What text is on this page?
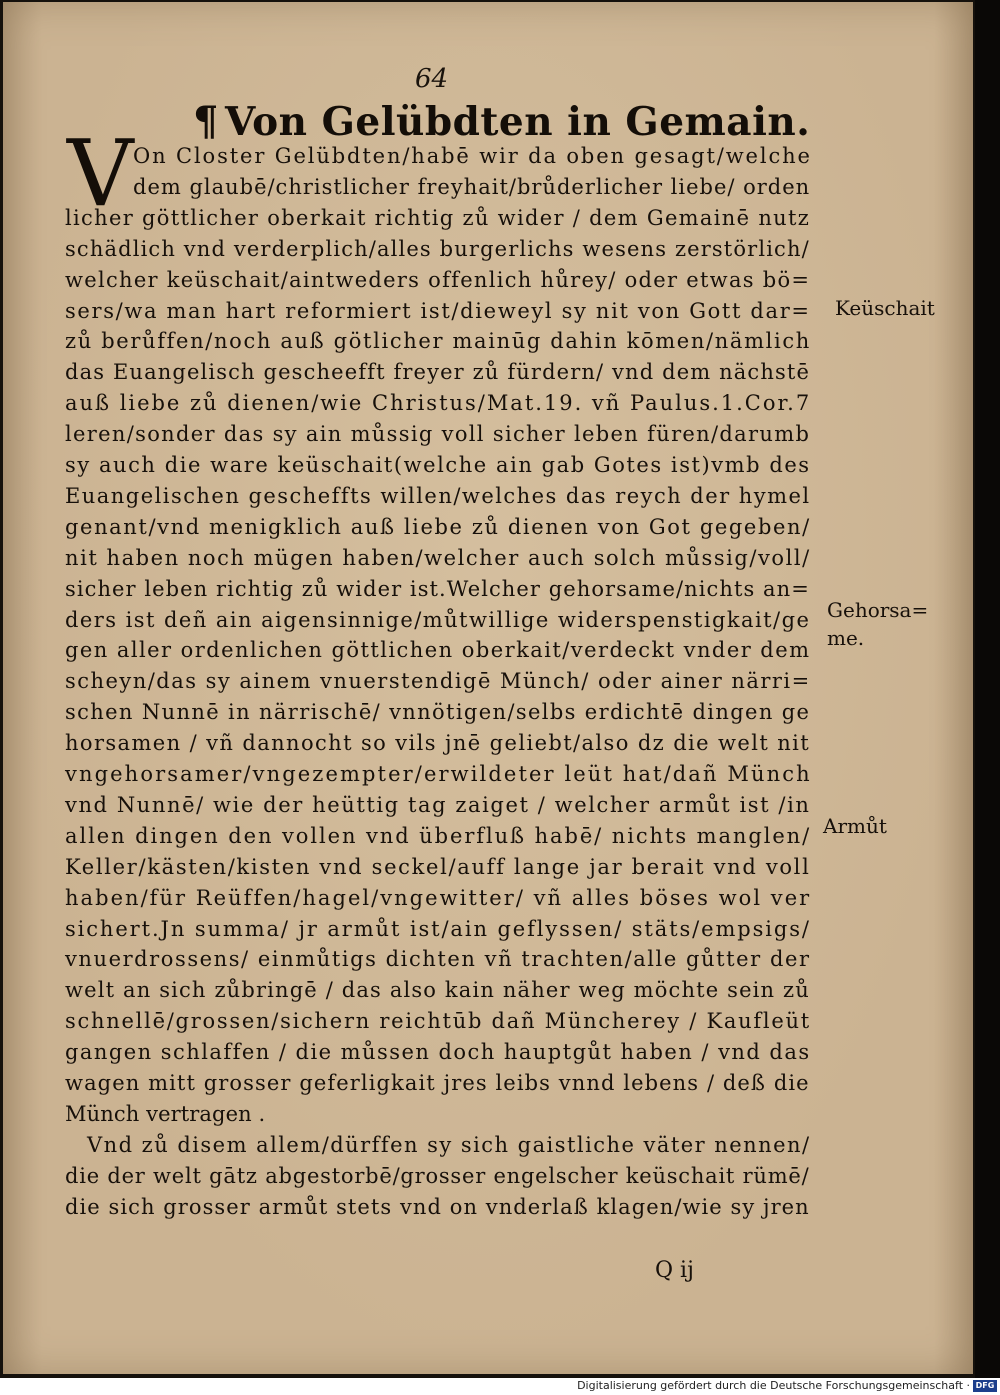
64
¶ Von Gelübdten in Gemain.
V On Closter Gelübdten/habē wir da oben gesagt/welche
dem glaubē/christlicher freyhait/brůderlicher liebe/ orden
licher göttlicher oberkait richtig zů wider / dem Gemainē nutz
schädlich vnd verderplich/alles burgerlichs wesens zerstörlich/
welcher keüschait/aintweders offenlich hůrey/ oder etwas bö=
sers/wa man hart reformiert ist/dieweyl sy nit von Gott dar=
zů berůffen/noch auß götlicher mainūg dahin kōmen/nämlich
das Euangelisch gescheefft freyer zů fürdern/ vnd dem nächstē
auß liebe zů dienen/wie Christus/Mat.19. vñ Paulus.1.Cor.7
leren/sonder das sy ain můssig voll sicher leben füren/darumb
sy auch die ware keüschait(welche ain gab Gotes ist)vmb des
Euangelischen gescheffts willen/welches das reych der hymel
genant/vnd menigklich auß liebe zů dienen von Got gegeben/
nit haben noch mügen haben/welcher auch solch můssig/voll/
sicher leben richtig zů wider ist.Welcher gehorsame/nichts an=
ders ist deñ ain aigensinnige/můtwillige widerspenstigkait/ge
gen aller ordenlichen göttlichen oberkait/verdeckt vnder dem
scheyn/das sy ainem vnuerstendigē Münch/ oder ainer närri=
schen Nunnē in närrischē/ vnnötigen/selbs erdichtē dingen ge
horsamen / vñ dannocht so vils jnē geliebt/also dz die welt nit
vngehorsamer/vngezempter/erwildeter leüt hat/dañ Münch
vnd Nunnē/ wie der heüttig tag zaiget / welcher armůt ist /in
allen dingen den vollen vnd überfluß habē/ nichts manglen/
Keller/kästen/kisten vnd seckel/auff lange jar berait vnd voll
haben/für Reüffen/hagel/vngewitter/ vñ alles böses wol ver
sichert.Jn summa/ jr armůt ist/ain geflyssen/ stäts/empsigs/
vnuerdrossens/ einmůtigs dichten vñ trachten/alle gůtter der
welt an sich zůbringē / das also kain näher weg möchte sein zů
schnellē/grossen/sichern reichtūb dañ Müncherey / Kaufleüt
gangen schlaffen / die můssen doch hauptgůt haben / vnd das
wagen mitt grosser geferligkait jres leibs vnnd lebens / deß die
Münch vertragen .
Vnd zů disem allem/dürffen sy sich gaistliche väter nennen/
die der welt gātz abgestorbē/grosser engelscher keüschait rümē/
die sich grosser armůt stets vnd on vnderlaß klagen/wie sy jren
Keüschait
Gehorsa=
me.
Armůt
Q ij
Digitalisierung gefördert durch die Deutsche Forschungsgemeinschaft · DFG
